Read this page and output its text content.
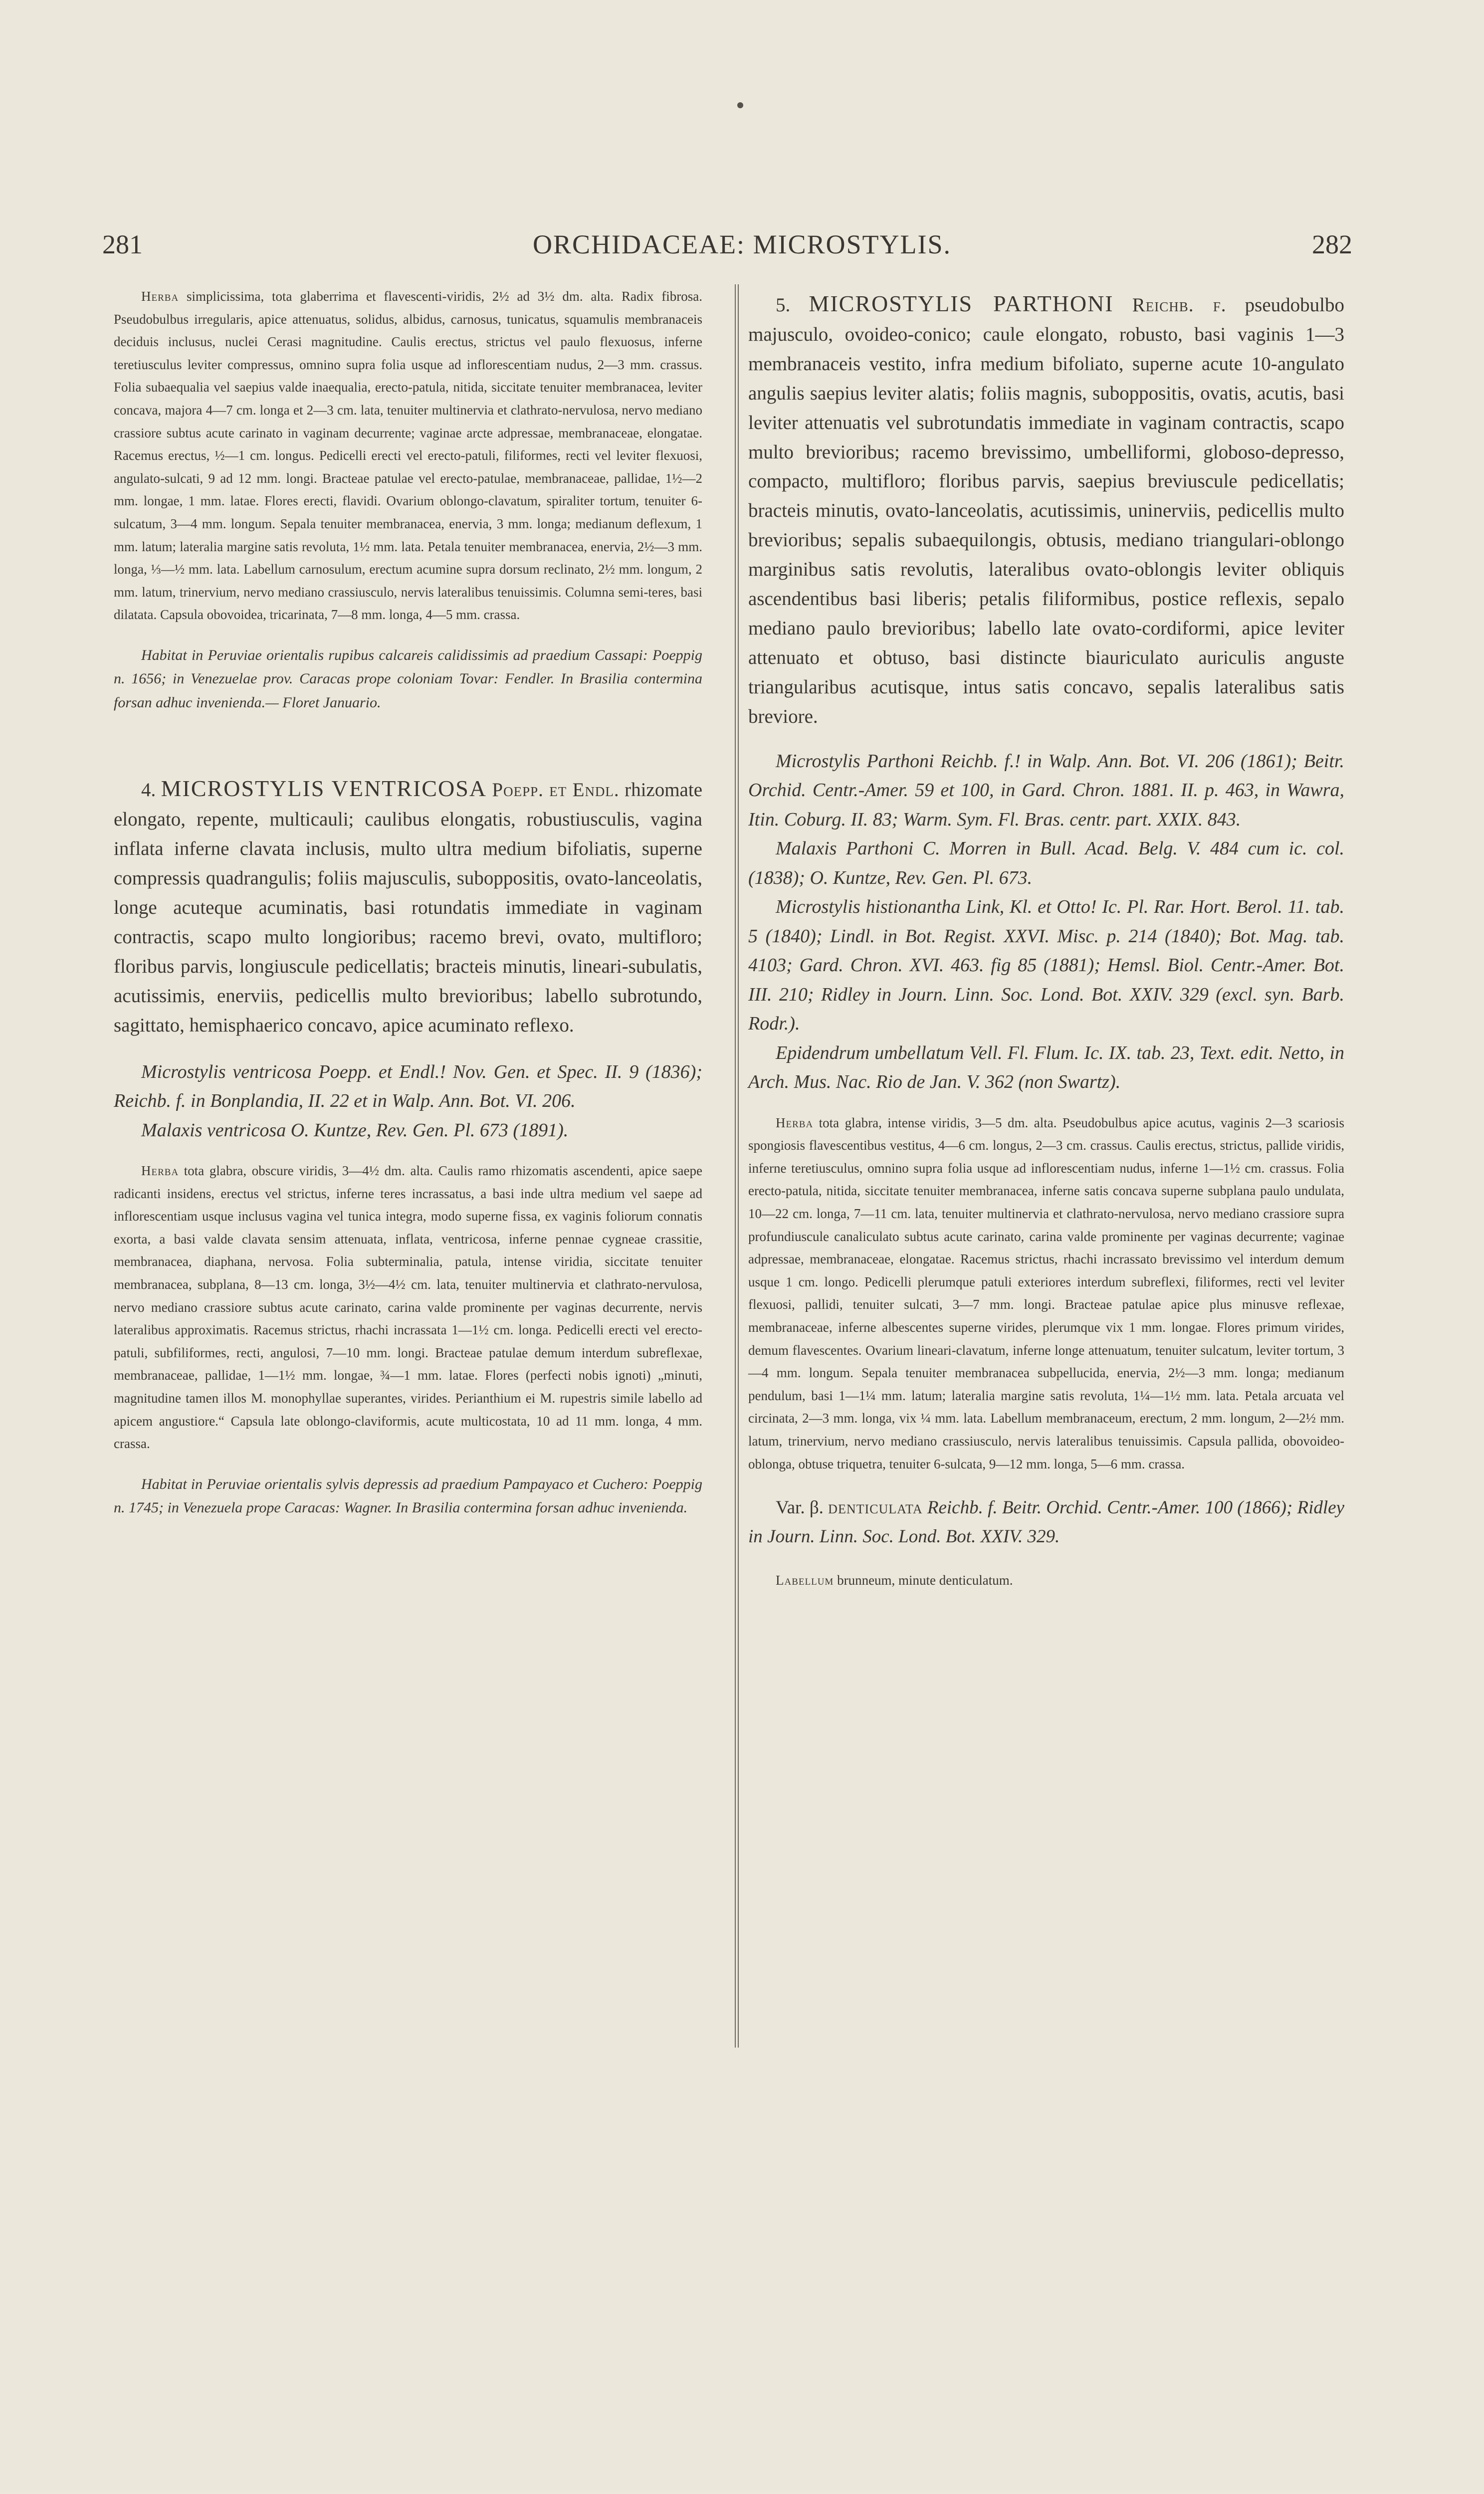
281	ORCHIDACEAE: MICROSTYLIS.	282

Herba simplicissima, tota glaberrima et flavescenti-viridis, 2½ ad 3½ dm. alta. Radix fibrosa. Pseudobulbus irregularis, apice attenuatus, solidus, albidus, carnosus, tunicatus, squamulis membranaceis deciduis inclusus, nuclei Cerasi magnitudine. Caulis erectus, strictus vel paulo flexuosus, inferne teretiusculus leviter compressus, omnino supra folia usque ad inflorescentiam nudus, 2—3 mm. crassus. Folia subaequalia vel saepius valde inaequalia, erecto-patula, nitida, siccitate tenuiter membranacea, leviter concava, majora 4—7 cm. longa et 2—3 cm. lata, tenuiter multinervia et clathrato-nervulosa, nervo mediano crassiore subtus acute carinato in vaginam decurrente; vaginae arcte adpressae, membranaceae, elongatae. Racemus erectus, ½—1 cm. longus. Pedicelli erecti vel erecto-patuli, filiformes, recti vel leviter flexuosi, angulato-sulcati, 9 ad 12 mm. longi. Bracteae patulae vel erecto-patulae, membranaceae, pallidae, 1½—2 mm. longae, 1 mm. latae. Flores erecti, flavidi. Ovarium oblongo-clavatum, spiraliter tortum, tenuiter 6-sulcatum, 3—4 mm. longum. Sepala tenuiter membranacea, enervia, 3 mm. longa; medianum deflexum, 1 mm. latum; lateralia margine satis revoluta, 1½ mm. lata. Petala tenuiter membranacea, enervia, 2½—3 mm. longa, ⅓—½ mm. lata. Labellum carnosulum, erectum acumine supra dorsum reclinato, 2½ mm. longum, 2 mm. latum, trinervium, nervo mediano crassiusculo, nervis lateralibus tenuissimis. Columna semi-teres, basi dilatata. Capsula obovoidea, tricarinata, 7—8 mm. longa, 4—5 mm. crassa.

Habitat in Peruviae orientalis rupibus calcareis calidissimis ad praedium Cassapi: Poeppig n. 1656; in Venezuelae prov. Caracas prope coloniam Tovar: Fendler. In Brasilia contermina forsan adhuc invenienda.— Floret Januario.

4. MICROSTYLIS VENTRICOSA Poepp. et Endl. rhizomate elongato, repente, multicauli; caulibus elongatis, robustiusculis, vagina inflata inferne clavata inclusis, multo ultra medium bifoliatis, superne compressis quadrangulis; foliis majusculis, suboppositis, ovato-lanceolatis, longe acuteque acuminatis, basi rotundatis immediate in vaginam contractis, scapo multo longioribus; racemo brevi, ovato, multifloro; floribus parvis, longiuscule pedicellatis; bracteis minutis, lineari-subulatis, acutissimis, enerviis, pedicellis multo brevioribus; labello subrotundo, sagittato, hemisphaerico concavo, apice acuminato reflexo.

Microstylis ventricosa Poepp. et Endl.! Nov. Gen. et Spec. II. 9 (1836); Reichb. f. in Bonplandia, II. 22 et in Walp. Ann. Bot. VI. 206.

Malaxis ventricosa O. Kuntze, Rev. Gen. Pl. 673 (1891).

Herba tota glabra, obscure viridis, 3—4½ dm. alta. Caulis ramo rhizomatis ascendenti, apice saepe radicanti insidens, erectus vel strictus, inferne teres incrassatus, a basi inde ultra medium vel saepe ad inflorescentiam usque inclusus vagina vel tunica integra, modo superne fissa, ex vaginis foliorum connatis exorta, a basi valde clavata sensim attenuata, inflata, ventricosa, inferne pennae cygneae crassitie, membranacea, diaphana, nervosa. Folia subterminalia, patula, intense viridia, siccitate tenuiter membranacea, subplana, 8—13 cm. longa, 3½—4½ cm. lata, tenuiter multinervia et clathrato-nervulosa, nervo mediano crassiore subtus acute carinato, carina valde prominente per vaginas decurrente, nervis lateralibus approximatis. Racemus strictus, rhachi incrassata 1—1½ cm. longa. Pedicelli erecti vel erecto-patuli, subfiliformes, recti, angulosi, 7—10 mm. longi. Bracteae patulae demum interdum subreflexae, membranaceae, pallidae, 1—1½ mm. longae, ¾—1 mm. latae. Flores (perfecti nobis ignoti) „minuti, magnitudine tamen illos M. monophyllae superantes, virides. Perianthium ei M. rupestris simile labello ad apicem angustiore.“ Capsula late oblongo-claviformis, acute multicostata, 10 ad 11 mm. longa, 4 mm. crassa.

Habitat in Peruviae orientalis sylvis depressis ad praedium Pampayaco et Cuchero: Poeppig n. 1745; in Venezuela prope Caracas: Wagner. In Brasilia contermina forsan adhuc invenienda.

5. MICROSTYLIS PARTHONI Reichb. f. pseudobulbo majusculo, ovoideo-conico; caule elongato, robusto, basi vaginis 1—3 membranaceis vestito, infra medium bifoliato, superne acute 10-angulato angulis saepius leviter alatis; foliis magnis, suboppositis, ovatis, acutis, basi leviter attenuatis vel subrotundatis immediate in vaginam contractis, scapo multo brevioribus; racemo brevissimo, umbelliformi, globoso-depresso, compacto, multifloro; floribus parvis, saepius breviuscule pedicellatis; bracteis minutis, ovato-lanceolatis, acutissimis, uninerviis, pedicellis multo brevioribus; sepalis subaequilongis, obtusis, mediano triangulari-oblongo marginibus satis revolutis, lateralibus ovato-oblongis leviter obliquis ascendentibus basi liberis; petalis filiformibus, postice reflexis, sepalo mediano paulo brevioribus; labello late ovato-cordiformi, apice leviter attenuato et obtuso, basi distincte biauriculato auriculis anguste triangularibus acutisque, intus satis concavo, sepalis lateralibus satis breviore.

Microstylis Parthoni Reichb. f.! in Walp. Ann. Bot. VI. 206 (1861); Beitr. Orchid. Centr.-Amer. 59 et 100, in Gard. Chron. 1881. II. p. 463, in Wawra, Itin. Coburg. II. 83; Warm. Sym. Fl. Bras. centr. part. XXIX. 843.

Malaxis Parthoni C. Morren in Bull. Acad. Belg. V. 484 cum ic. col. (1838); O. Kuntze, Rev. Gen. Pl. 673.

Microstylis histionantha Link, Kl. et Otto! Ic. Pl. Rar. Hort. Berol. 11. tab. 5 (1840); Lindl. in Bot. Regist. XXVI. Misc. p. 214 (1840); Bot. Mag. tab. 4103; Gard. Chron. XVI. 463. fig 85 (1881); Hemsl. Biol. Centr.-Amer. Bot. III. 210; Ridley in Journ. Linn. Soc. Lond. Bot. XXIV. 329 (excl. syn. Barb. Rodr.).

Epidendrum umbellatum Vell. Fl. Flum. Ic. IX. tab. 23, Text. edit. Netto, in Arch. Mus. Nac. Rio de Jan. V. 362 (non Swartz).

Herba tota glabra, intense viridis, 3—5 dm. alta. Pseudobulbus apice acutus, vaginis 2—3 scariosis spongiosis flavescentibus vestitus, 4—6 cm. longus, 2—3 cm. crassus. Caulis erectus, strictus, pallide viridis, inferne teretiusculus, omnino supra folia usque ad inflorescentiam nudus, inferne 1—1½ cm. crassus. Folia erecto-patula, nitida, siccitate tenuiter membranacea, inferne satis concava superne subplana paulo undulata, 10—22 cm. longa, 7—11 cm. lata, tenuiter multinervia et clathrato-nervulosa, nervo mediano crassiore supra profundiuscule canaliculato subtus acute carinato, carina valde prominente per vaginas decurrente; vaginae adpressae, membranaceae, elongatae. Racemus strictus, rhachi incrassato brevissimo vel interdum demum usque 1 cm. longo. Pedicelli plerumque patuli exteriores interdum subreflexi, filiformes, recti vel leviter flexuosi, pallidi, tenuiter sulcati, 3—7 mm. longi. Bracteae patulae apice plus minusve reflexae, membranaceae, inferne albescentes superne virides, plerumque vix 1 mm. longae. Flores primum virides, demum flavescentes. Ovarium lineari-clavatum, inferne longe attenuatum, tenuiter sulcatum, leviter tortum, 3—4 mm. longum. Sepala tenuiter membranacea subpellucida, enervia, 2½—3 mm. longa; medianum pendulum, basi 1—1¼ mm. latum; lateralia margine satis revoluta, 1¼—1½ mm. lata. Petala arcuata vel circinata, 2—3 mm. longa, vix ¼ mm. lata. Labellum membranaceum, erectum, 2 mm. longum, 2—2½ mm. latum, trinervium, nervo mediano crassiusculo, nervis lateralibus tenuissimis. Capsula pallida, obovoideo-oblonga, obtuse triquetra, tenuiter 6-sulcata, 9—12 mm. longa, 5—6 mm. crassa.

Var. β. denticulata Reichb. f. Beitr. Orchid. Centr.-Amer. 100 (1866); Ridley in Journ. Linn. Soc. Lond. Bot. XXIV. 329.

Labellum brunneum, minute denticulatum.
